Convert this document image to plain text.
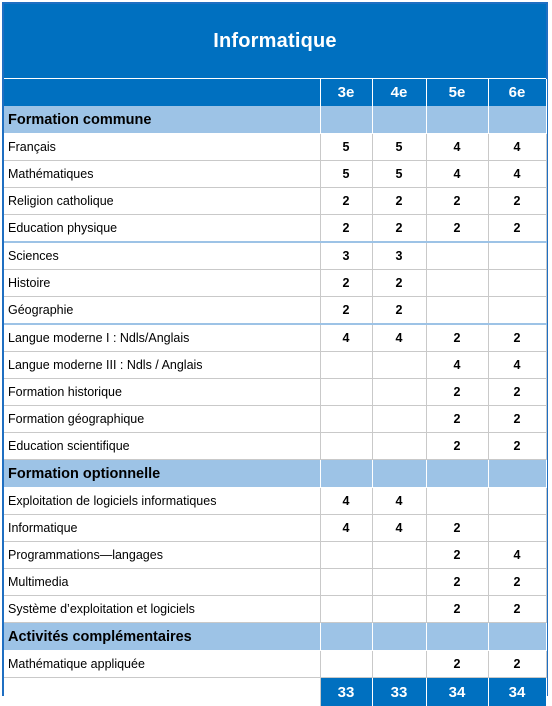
Informatique
	3e	4e	5e	6e
Formation commune				
Français	5	5	4	4
Mathématiques	5	5	4	4
Religion catholique	2	2	2	2
Education physique	2	2	2	2
Sciences	3	3		
Histoire	2	2		
Géographie	2	2		
Langue moderne I : Ndls/Anglais	4	4	2	2
Langue moderne III : Ndls / Anglais			4	4
Formation historique			2	2
Formation géographique			2	2
Education scientifique			2	2
Formation optionnelle				
Exploitation de logiciels informatiques	4	4		
Informatique	4	4	2	
Programmations—langages			2	4
Multimedia			2	2
Système d’exploitation et logiciels			2	2
Activités complémentaires				
Mathématique appliquée			2	2
	33	33	34	34
